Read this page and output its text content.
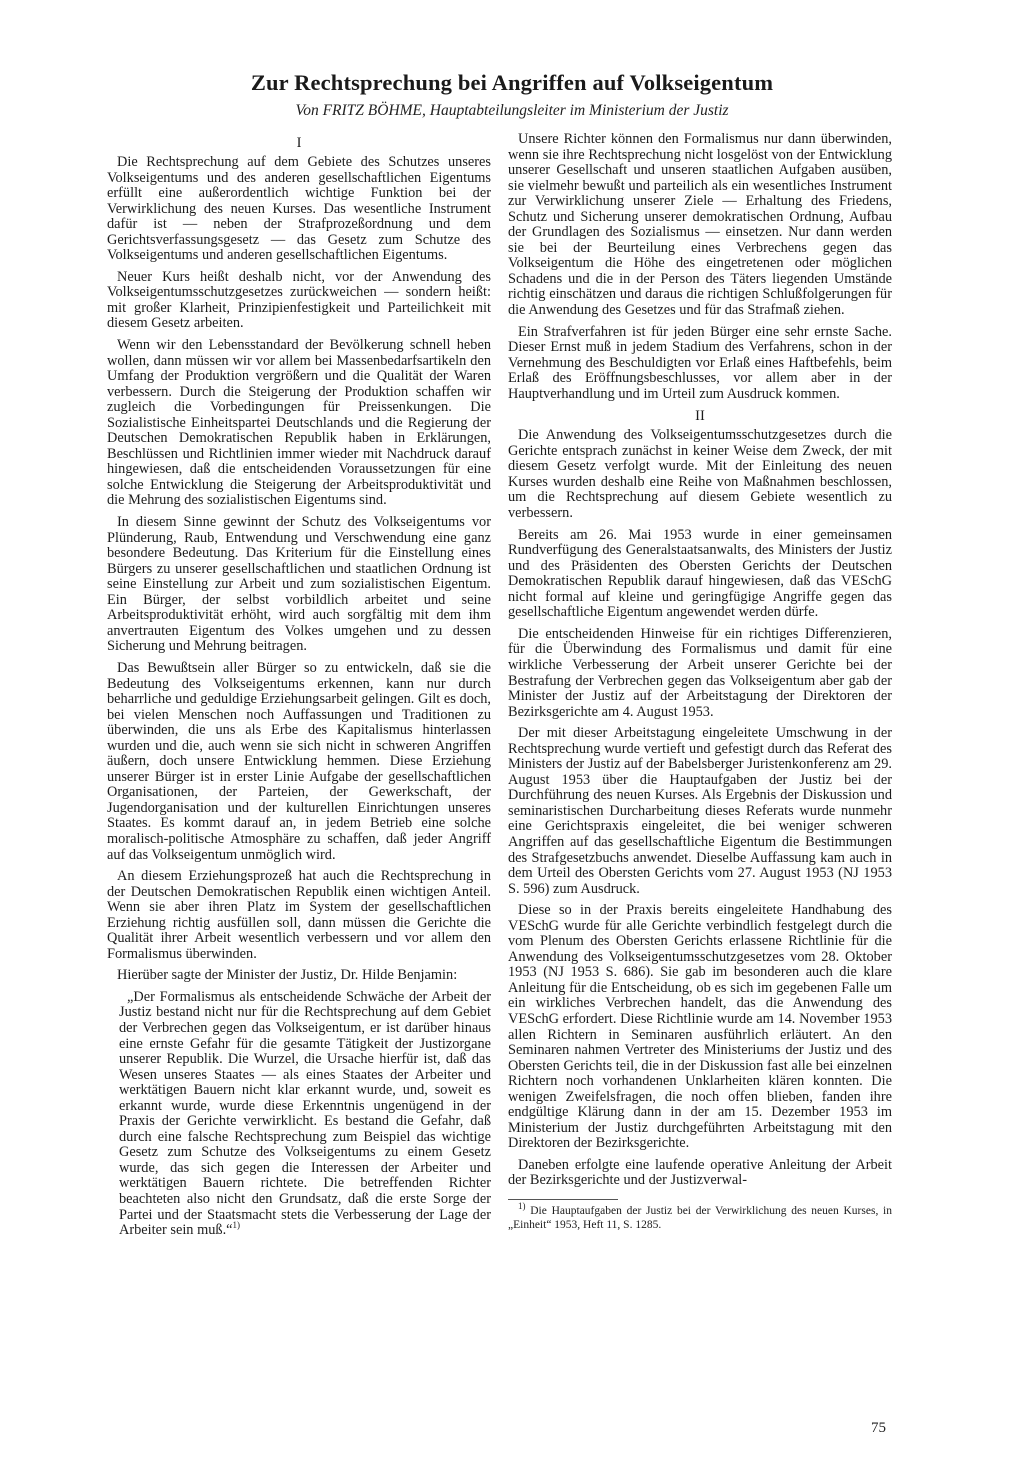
Zur Rechtsprechung bei Angriffen auf Volkseigentum

Von FRITZ BÖHME, Hauptabteilungsleiter im Ministerium der Justiz

I

Die Rechtsprechung auf dem Gebiete des Schutzes unseres Volkseigentums und des anderen gesellschaftlichen Eigentums erfüllt eine außerordentlich wichtige Funktion bei der Verwirklichung des neuen Kurses. Das wesentliche Instrument dafür ist — neben der Strafprozeßordnung und dem Gerichtsverfassungsgesetz — das Gesetz zum Schutze des Volkseigentums und anderen gesellschaftlichen Eigentums.

Neuer Kurs heißt deshalb nicht, vor der Anwendung des Volkseigentumsschutzgesetzes zurückweichen — sondern heißt: mit großer Klarheit, Prinzipienfestigkeit und Parteilichkeit mit diesem Gesetz arbeiten.

Wenn wir den Lebensstandard der Bevölkerung schnell heben wollen, dann müssen wir vor allem bei Massenbedarfsartikeln den Umfang der Produktion vergrößern und die Qualität der Waren verbessern. Durch die Steigerung der Produktion schaffen wir zugleich die Vorbedingungen für Preissenkungen. Die Sozialistische Einheitspartei Deutschlands und die Regierung der Deutschen Demokratischen Republik haben in Erklärungen, Beschlüssen und Richtlinien immer wieder mit Nachdruck darauf hingewiesen, daß die entscheidenden Voraussetzungen für eine solche Entwicklung die Steigerung der Arbeitsproduktivität und die Mehrung des sozialistischen Eigentums sind.

In diesem Sinne gewinnt der Schutz des Volkseigentums vor Plünderung, Raub, Entwendung und Verschwendung eine ganz besondere Bedeutung. Das Kriterium für die Einstellung eines Bürgers zu unserer gesellschaftlichen und staatlichen Ordnung ist seine Einstellung zur Arbeit und zum sozialistischen Eigentum. Ein Bürger, der selbst vorbildlich arbeitet und seine Arbeitsproduktivität erhöht, wird auch sorgfältig mit dem ihm anvertrauten Eigentum des Volkes umgehen und zu dessen Sicherung und Mehrung beitragen.

Das Bewußtsein aller Bürger so zu entwickeln, daß sie die Bedeutung des Volkseigentums erkennen, kann nur durch beharrliche und geduldige Erziehungsarbeit gelingen. Gilt es doch, bei vielen Menschen noch Auffassungen und Traditionen zu überwinden, die uns als Erbe des Kapitalismus hinterlassen wurden und die, auch wenn sie sich nicht in schweren Angriffen äußern, doch unsere Entwicklung hemmen. Diese Erziehung unserer Bürger ist in erster Linie Aufgabe der gesellschaftlichen Organisationen, der Parteien, der Gewerkschaft, der Jugendorganisation und der kulturellen Einrichtungen unseres Staates. Es kommt darauf an, in jedem Betrieb eine solche moralisch-politische Atmosphäre zu schaffen, daß jeder Angriff auf das Volkseigentum unmöglich wird.

An diesem Erziehungsprozeß hat auch die Rechtsprechung in der Deutschen Demokratischen Republik einen wichtigen Anteil. Wenn sie aber ihren Platz im System der gesellschaftlichen Erziehung richtig ausfüllen soll, dann müssen die Gerichte die Qualität ihrer Arbeit wesentlich verbessern und vor allem den Formalismus überwinden.

Hierüber sagte der Minister der Justiz, Dr. Hilde Benjamin:

„Der Formalismus als entscheidende Schwäche der Arbeit der Justiz bestand nicht nur für die Rechtsprechung auf dem Gebiet der Verbrechen gegen das Volkseigentum, er ist darüber hinaus eine ernste Gefahr für die gesamte Tätigkeit der Justizorgane unserer Republik. Die Wurzel, die Ursache hierfür ist, daß das Wesen unseres Staates — als eines Staates der Arbeiter und werktätigen Bauern nicht klar erkannt wurde, und, soweit es erkannt wurde, wurde diese Erkenntnis ungenügend in der Praxis der Gerichte verwirklicht. Es bestand die Gefahr, daß durch eine falsche Rechtsprechung zum Beispiel das wichtige Gesetz zum Schutze des Volkseigentums zu einem Gesetz wurde, das sich gegen die Interessen der Arbeiter und werktätigen Bauern richtete. Die betreffenden Richter beachteten also nicht den Grundsatz, daß die erste Sorge der Partei und der Staatsmacht stets die Verbesserung der Lage der Arbeiter sein muß.“$^{1)}$

Unsere Richter können den Formalismus nur dann überwinden, wenn sie ihre Rechtsprechung nicht losgelöst von der Entwicklung unserer Gesellschaft und unseren staatlichen Aufgaben ausüben, sie vielmehr bewußt und parteilich als ein wesentliches Instrument zur Verwirklichung unserer Ziele — Erhaltung des Friedens, Schutz und Sicherung unserer demokratischen Ordnung, Aufbau der Grundlagen des Sozialismus — einsetzen. Nur dann werden sie bei der Beurteilung eines Verbrechens gegen das Volkseigentum die Höhe des eingetretenen oder möglichen Schadens und die in der Person des Täters liegenden Umstände richtig einschätzen und daraus die richtigen Schlußfolgerungen für die Anwendung des Gesetzes und für das Strafmaß ziehen.

Ein Strafverfahren ist für jeden Bürger eine sehr ernste Sache. Dieser Ernst muß in jedem Stadium des Verfahrens, schon in der Vernehmung des Beschuldigten vor Erlaß eines Haftbefehls, beim Erlaß des Eröffnungsbeschlusses, vor allem aber in der Hauptverhandlung und im Urteil zum Ausdruck kommen.

II

Die Anwendung des Volkseigentumsschutzgesetzes durch die Gerichte entsprach zunächst in keiner Weise dem Zweck, der mit diesem Gesetz verfolgt wurde. Mit der Einleitung des neuen Kurses wurden deshalb eine Reihe von Maßnahmen beschlossen, um die Rechtsprechung auf diesem Gebiete wesentlich zu verbessern.

Bereits am 26. Mai 1953 wurde in einer gemeinsamen Rundverfügung des Generalstaatsanwalts, des Ministers der Justiz und des Präsidenten des Obersten Gerichts der Deutschen Demokratischen Republik darauf hingewiesen, daß das VESchG nicht formal auf kleine und geringfügige Angriffe gegen das gesellschaftliche Eigentum angewendet werden dürfe.

Die entscheidenden Hinweise für ein richtiges Differenzieren, für die Überwindung des Formalismus und damit für eine wirkliche Verbesserung der Arbeit unserer Gerichte bei der Bestrafung der Verbrechen gegen das Volkseigentum aber gab der Minister der Justiz auf der Arbeitstagung der Direktoren der Bezirksgerichte am 4. August 1953.

Der mit dieser Arbeitstagung eingeleitete Umschwung in der Rechtsprechung wurde vertieft und gefestigt durch das Referat des Ministers der Justiz auf der Babelsberger Juristenkonferenz am 29. August 1953 über die Hauptaufgaben der Justiz bei der Durchführung des neuen Kurses. Als Ergebnis der Diskussion und seminaristischen Durcharbeitung dieses Referats wurde nunmehr eine Gerichtspraxis eingeleitet, die bei weniger schweren Angriffen auf das gesellschaftliche Eigentum die Bestimmungen des Strafgesetzbuchs anwendet. Dieselbe Auffassung kam auch in dem Urteil des Obersten Gerichts vom 27. August 1953 (NJ 1953 S. 596) zum Ausdruck.

Diese so in der Praxis bereits eingeleitete Handhabung des VESchG wurde für alle Gerichte verbindlich festgelegt durch die vom Plenum des Obersten Gerichts erlassene Richtlinie für die Anwendung des Volkseigentumsschutzgesetzes vom 28. Oktober 1953 (NJ 1953 S. 686). Sie gab im besonderen auch die klare Anleitung für die Entscheidung, ob es sich im gegebenen Falle um ein wirkliches Verbrechen handelt, das die Anwendung des VESchG erfordert. Diese Richtlinie wurde am 14. November 1953 allen Richtern in Seminaren ausführlich erläutert. An den Seminaren nahmen Vertreter des Ministeriums der Justiz und des Obersten Gerichts teil, die in der Diskussion fast alle bei einzelnen Richtern noch vorhandenen Unklarheiten klären konnten. Die wenigen Zweifelsfragen, die noch offen blieben, fanden ihre endgültige Klärung dann in der am 15. Dezember 1953 im Ministerium der Justiz durchgeführten Arbeitstagung mit den Direktoren der Bezirksgerichte.

Daneben erfolgte eine laufende operative Anleitung der Arbeit der Bezirksgerichte und der Justizverwal-

$^{1)}$ Die Hauptaufgaben der Justiz bei der Verwirklichung des neuen Kurses, in „Einheit“ 1953, Heft 11, S. 1285.

75
